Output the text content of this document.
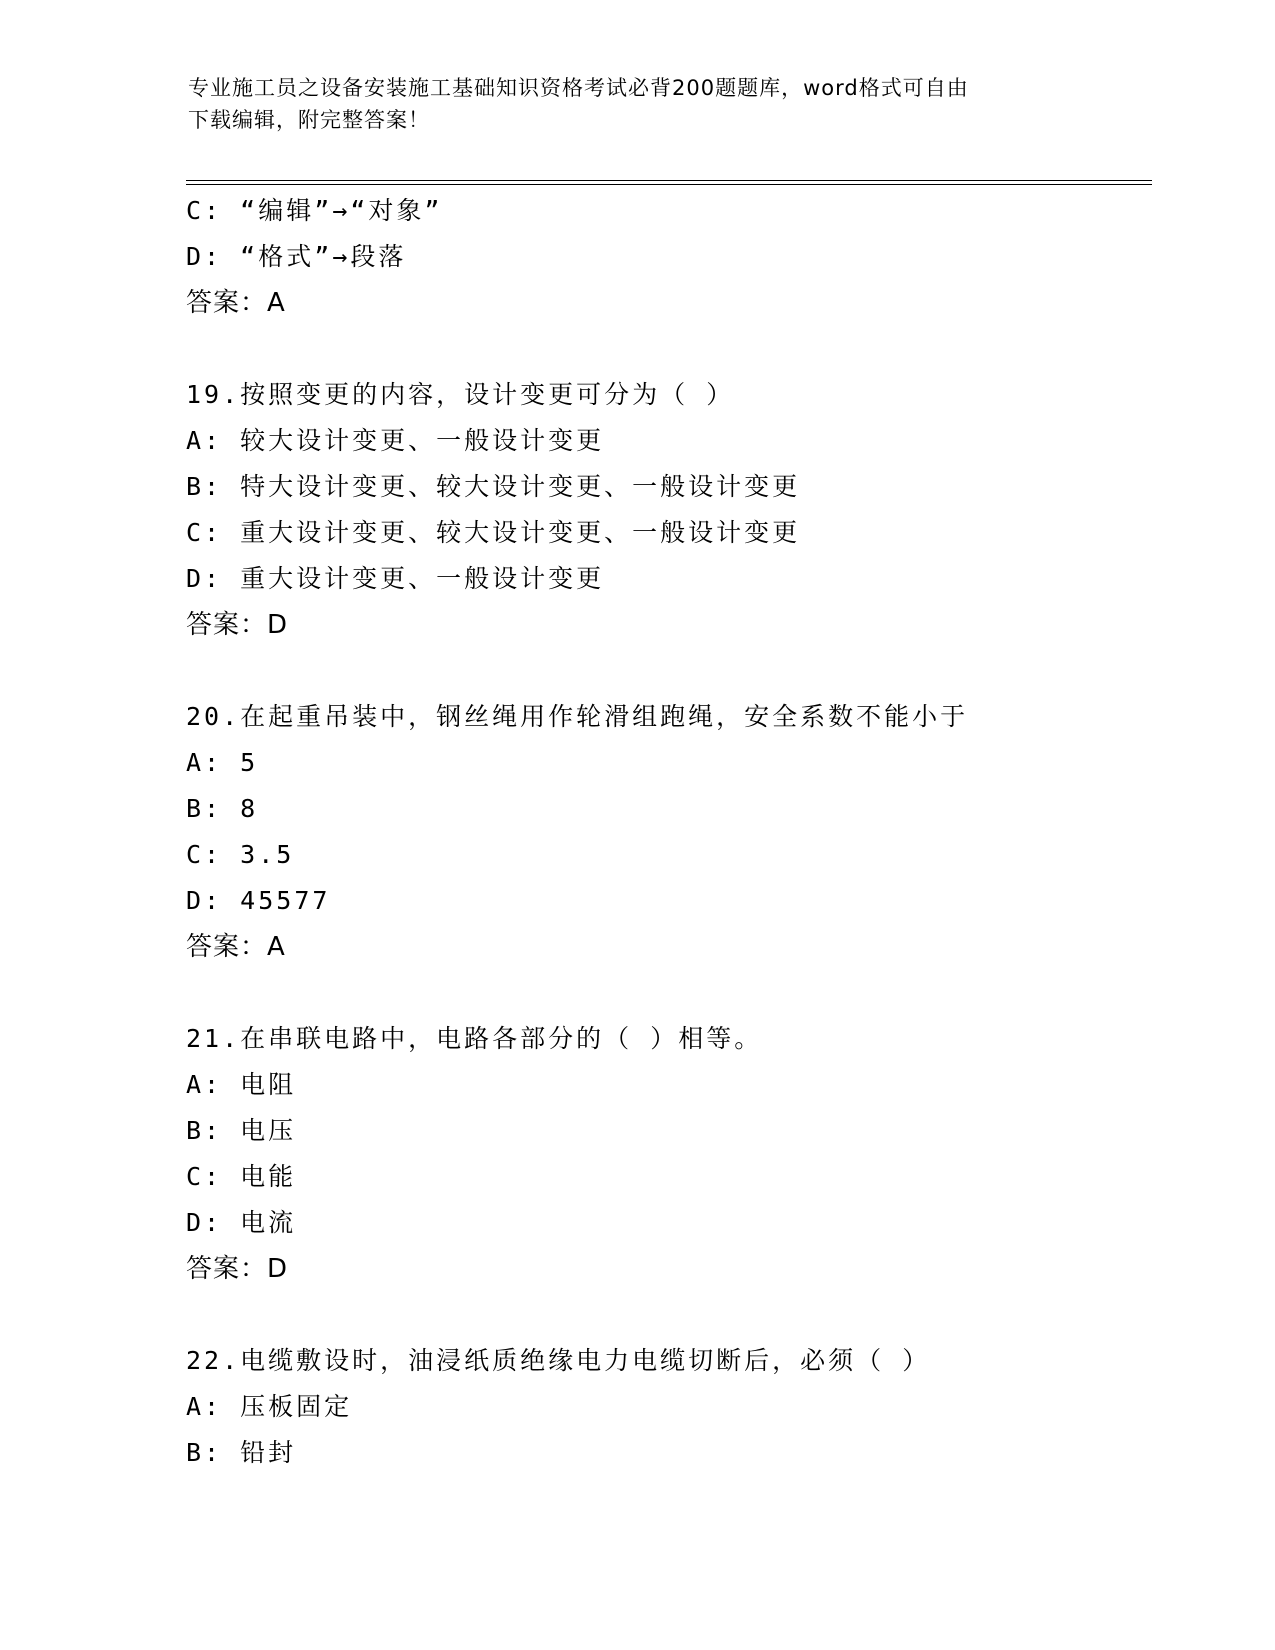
专业施工员之设备安装施工基础知识资格考试必背200题题库，word格式可自由
下载编辑，附完整答案！
C: “编辑”→“对象”
D: “格式”→段落
答案：A
19.按照变更的内容，设计变更可分为（ ）
A: 较大设计变更、一般设计变更
B: 特大设计变更、较大设计变更、一般设计变更
C: 重大设计变更、较大设计变更、一般设计变更
D: 重大设计变更、一般设计变更
答案：D
20.在起重吊装中，钢丝绳用作轮滑组跑绳，安全系数不能小于
A: 5
B: 8
C: 3.5
D: 45577
答案：A
21.在串联电路中，电路各部分的（ ）相等。
A: 电阻
B: 电压
C: 电能
D: 电流
答案：D
22.电缆敷设时，油浸纸质绝缘电力电缆切断后，必须（ ）
A: 压板固定
B: 铅封
